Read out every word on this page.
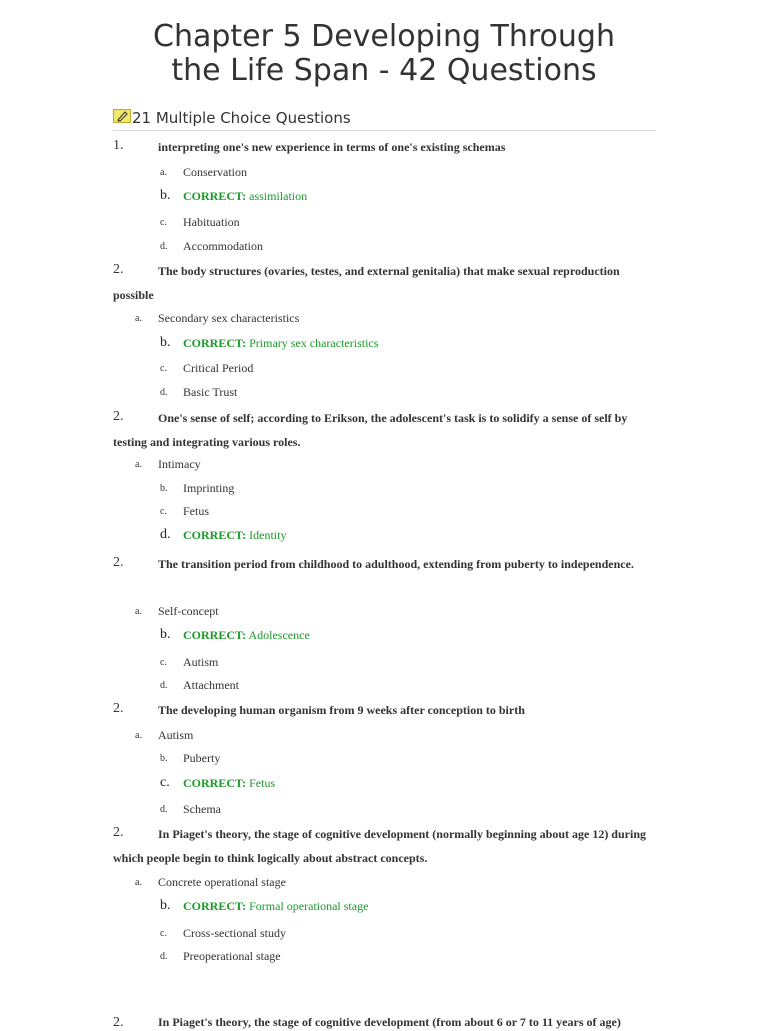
Chapter 5 Developing Through
the Life Span - 42 Questions
21 Multiple Choice Questions
1.	interpreting one's new experience in terms of one's existing schemas
a. Conservation
b. CORRECT: assimilation
c. Habituation
d. Accommodation
2.	The body structures (ovaries, testes, and external genitalia) that make sexual reproduction possible
a. Secondary sex characteristics
b. CORRECT: Primary sex characteristics
c. Critical Period
d. Basic Trust
2.	One's sense of self; according to Erikson, the adolescent's task is to solidify a sense of self by testing and integrating various roles.
a. Intimacy
b. Imprinting
c. Fetus
d. CORRECT: Identity
2.	The transition period from childhood to adulthood, extending from puberty to independence.
a. Self-concept
b. CORRECT: Adolescence
c. Autism
d. Attachment
2.	The developing human organism from 9 weeks after conception to birth
a. Autism
b. Puberty
c. CORRECT: Fetus
d. Schema
2.	In Piaget's theory, the stage of cognitive development (normally beginning about age 12) during which people begin to think logically about abstract concepts.
a. Concrete operational stage
b. CORRECT: Formal operational stage
c. Cross-sectional study
d. Preoperational stage
2.	In Piaget's theory, the stage of cognitive development (from about 6 or 7 to 11 years of age)
